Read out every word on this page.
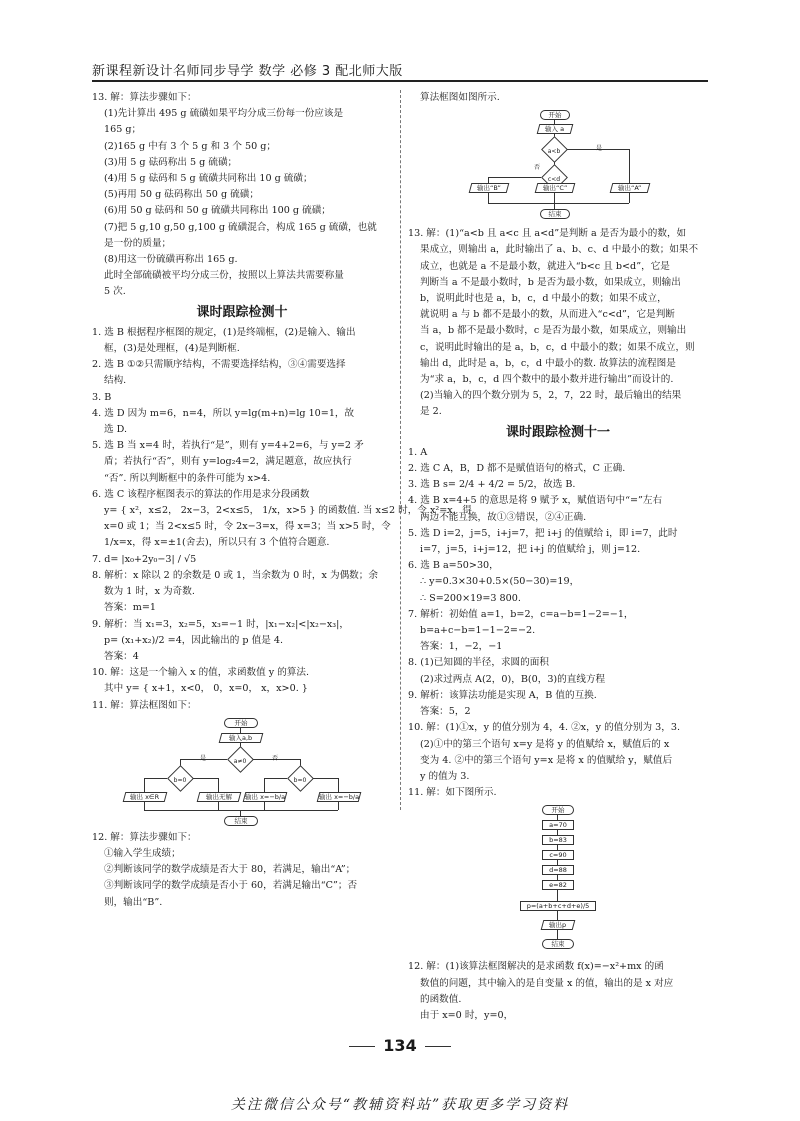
新课程新设计名师同步导学 数学 必修 3 配北师大版
13. 解：算法步骤如下：
(1)先计算出 495 g 硫磺如果平均分成三份每一份应该是
165 g；
(2)165 g 中有 3 个 5 g 和 3 个 50 g；
(3)用 5 g 砝码称出 5 g 硫磺；
(4)用 5 g 砝码和 5 g 硫磺共同称出 10 g 硫磺；
(5)再用 50 g 砝码称出 50 g 硫磺；
(6)用 50 g 砝码和 50 g 硫磺共同称出 100 g 硫磺；
(7)把 5 g,10 g,50 g,100 g 硫磺混合，构成 165 g 硫磺，也就
是一份的质量；
(8)用这一份硫磺再称出 165 g.
此时全部硫磺被平均分成三份，按照以上算法共需要称量
5 次.
课时跟踪检测十
1. 选 B 根据程序框图的规定，(1)是终端框，(2)是输入、输出
框，(3)是处理框，(4)是判断框.
2. 选 B ①②只需顺序结构，不需要选择结构，③④需要选择
结构.
3. B
4. 选 D 因为 m=6，n=4，所以 y=lg(m+n)=lg 10=1，故
选 D.
5. 选 B 当 x=4 时，若执行“是”，则有 y=4+2=6，与 y=2 矛
盾；若执行“否”，则有 y=log₂4=2，满足题意，故应执行
“否”. 所以判断框中的条件可能为 x>4.
6. 选 C 该程序框图表示的算法的作用是求分段函数
y= { x²，x≤2， 2x−3，2<x≤5， 1/x，x>5 } 的函数值. 当 x≤2 时，令 x²=x，得
x=0 或 1；当 2<x≤5 时，令 2x−3=x，得 x=3；当 x>5 时，令
1/x=x，得 x=±1(舍去)，所以只有 3 个值符合题意.
7. d= |x₀+2y₀−3| / √5
8. 解析：x 除以 2 的余数是 0 或 1，当余数为 0 时，x 为偶数；余
数为 1 时，x 为奇数.
答案：m=1
9. 解析：当 x₁=3，x₂=5，x₃=−1 时，|x₁−x₂|<|x₂−x₃|，
p= (x₁+x₂)/2 =4，因此输出的 p 值是 4.
答案：4
10. 解：这是一个输入 x 的值，求函数值 y 的算法.
其中 y= { x+1，x<0， 0，x=0， x，x>0. }
11. 解：算法框图如下：
开始
输入a,b
a≠0
是	否
b=0	b=0
输出 x∈R	输出无解	输出 x=−b/a	输出 x=−b/a
结束
12. 解：算法步骤如下：
①输入学生成绩；
②判断该同学的数学成绩是否大于 80，若满足，输出“A”；
③判断该同学的数学成绩是否小于 60，若满足输出“C”；否
则，输出“B”.
算法框图如图所示.
开始
输入 a
a<b	是
否
c<d
输出“B”	输出“C”	输出“A”
结束
13. 解：(1)“a<b 且 a<c 且 a<d”是判断 a 是否为最小的数，如
果成立，则输出 a，此时输出了 a、b、c、d 中最小的数；如果不
成立，也就是 a 不是最小数，就进入“b<c 且 b<d”，它是
判断当 a 不是最小数时，b 是否为最小数，如果成立，则输出
b，说明此时也是 a，b，c，d 中最小的数；如果不成立，
就说明 a 与 b 都不是最小的数，从而进入“c<d”，它是判断
当 a，b 都不是最小数时，c 是否为最小数，如果成立，则输出
c，说明此时输出的是 a，b，c，d 中最小的数；如果不成立，则
输出 d，此时是 a，b，c，d 中最小的数. 故算法的流程图是
为“求 a，b，c，d 四个数中的最小数并进行输出”而设计的.
(2)当输入的四个数分别为 5，2，7，22 时，最后输出的结果
是 2.
课时跟踪检测十一
1. A
2. 选 C A，B，D 都不是赋值语句的格式，C 正确.
3. 选 B s= 2/4 + 4/2 = 5/2，故选 B.
4. 选 B x=4+5 的意思是将 9 赋予 x，赋值语句中“=”左右
两边不能互换，故①③错误，②④正确.
5. 选 D i=2，j=5，i+j=7，把 i+j 的值赋给 i，即 i=7，此时
i=7，j=5，i+j=12，把 i+j 的值赋给 j，则 j=12.
6. 选 B a=50>30，
∴ y=0.3×30+0.5×(50−30)=19，
∴ S=200×19=3 800.
7. 解析：初始值 a=1，b=2，c=a−b=1−2=−1，
b=a+c−b=1−1−2=−2.
答案：1，−2，−1
8. (1)已知圆的半径，求圆的面积
(2)求过两点 A(2，0)，B(0，3)的直线方程
9. 解析：该算法功能是实现 A，B 值的互换.
答案：5，2
10. 解：(1)①x，y 的值分别为 4，4. ②x，y 的值分别为 3，3.
(2)①中的第三个语句 x=y 是将 y 的值赋给 x，赋值后的 x
变为 4. ②中的第三个语句 y=x 是将 x 的值赋给 y，赋值后
y 的值为 3.
11. 解：如下图所示.
开始
a=70
b=83
c=90
d=88
e=82
p=(a+b+c+d+e)/5
输出p
结束
12. 解：(1)该算法框图解决的是求函数 f(x)=−x²+mx 的函
数值的问题，其中输入的是自变量 x 的值，输出的是 x 对应
的函数值.
由于 x=0 时，y=0，
134
关注微信公众号“教辅资料站”获取更多学习资料
